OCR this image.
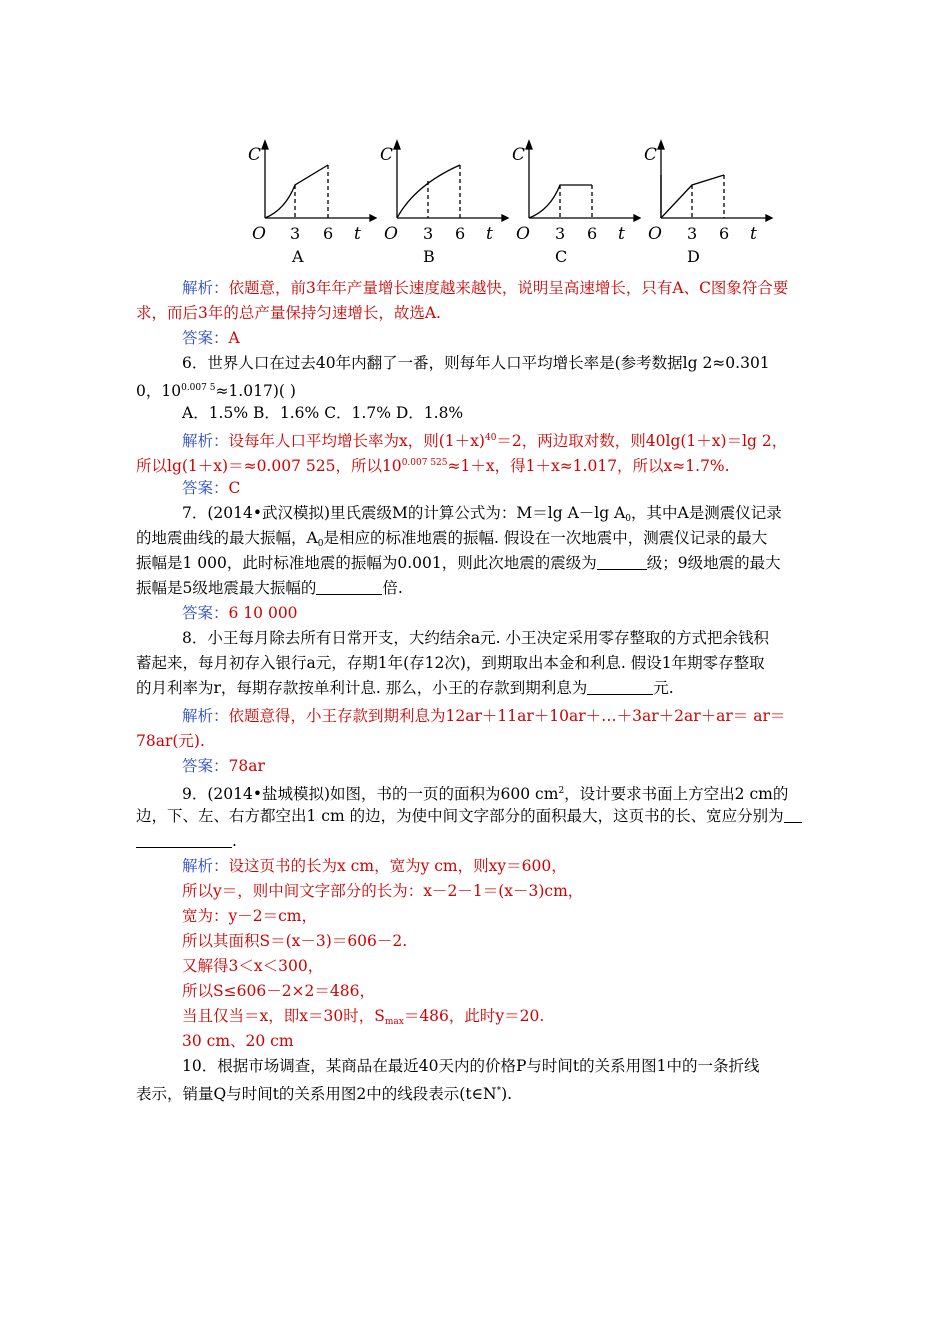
C	C	C	C
O	O	O	O
t	t	t	t
3 6	3 6	3 6	3 6
A	B	C	D
解析：依题意，前3年年产量增长速度越来越快，说明呈高速增长，只有A、C图象符合要
求，而后3年的总产量保持匀速增长，故选A.
答案：A
6．世界人口在过去40年内翻了一番，则每年人口平均增长率是(参考数据lg 2≈0.301
0，$10^{0.007 5}\approx 1.017$)( )
A．1.5% B．1.6% C．1.7% D．1.8%
解析：设每年人口平均增长率为x，则$(1+x)^{40}=2$，两边取对数，则40lg(1＋x)＝lg 2，
所以lg(1＋x)＝≈0.007 525，所以$10^{0.007 525}\approx 1+x$，得1＋x≈1.017，所以x≈1.7%.
答案：C
7．(2014•武汉模拟)里氏震级M的计算公式为：M＝lg A－lg $A_0$，其中A是测震仪记录
的地震曲线的最大振幅，$A_0$是相应的标准地震的振幅. 假设在一次地震中，测震仪记录的最大
振幅是1 000，此时标准地震的振幅为0.001，则此次地震的震级为	级；9级地震的最大
振幅是5级地震最大振幅的	倍.
答案：6 10 000
8．小王每月除去所有日常开支，大约结余a元. 小王决定采用零存整取的方式把余钱积
蓄起来，每月初存入银行a元，存期1年(存12次)，到期取出本金和利息. 假设1年期零存整取
的月利率为r，每期存款按单利计息. 那么，小王的存款到期利息为	元.
解析：依题意得，小王存款到期利息为12ar＋11ar＋10ar＋…＋3ar＋2ar＋ar＝ ar＝
78ar(元).
答案：78ar
9．(2014•盐城模拟)如图，书的一页的面积为600 $cm^2$，设计要求书面上方空出2 cm的
边，下、左、右方都空出1 cm 的边，为使中间文字部分的面积最大，这页书的长、宽应分别为
.
解析：设这页书的长为x cm，宽为y cm，则xy＝600，
所以y＝，则中间文字部分的长为：x－2－1＝(x－3)cm，
宽为：y－2＝cm，
所以其面积S＝(x－3)＝606－2.
又解得3＜x＜300，
所以S≤606－2×2＝486，
当且仅当＝x，即x＝30时，$S_{max}=486$，此时y＝20.
30 cm、20 cm
10．根据市场调查，某商品在最近40天内的价格P与时间t的关系用图1中的一条折线
表示，销量Q与时间t的关系用图2中的线段表示(t∈N*).
